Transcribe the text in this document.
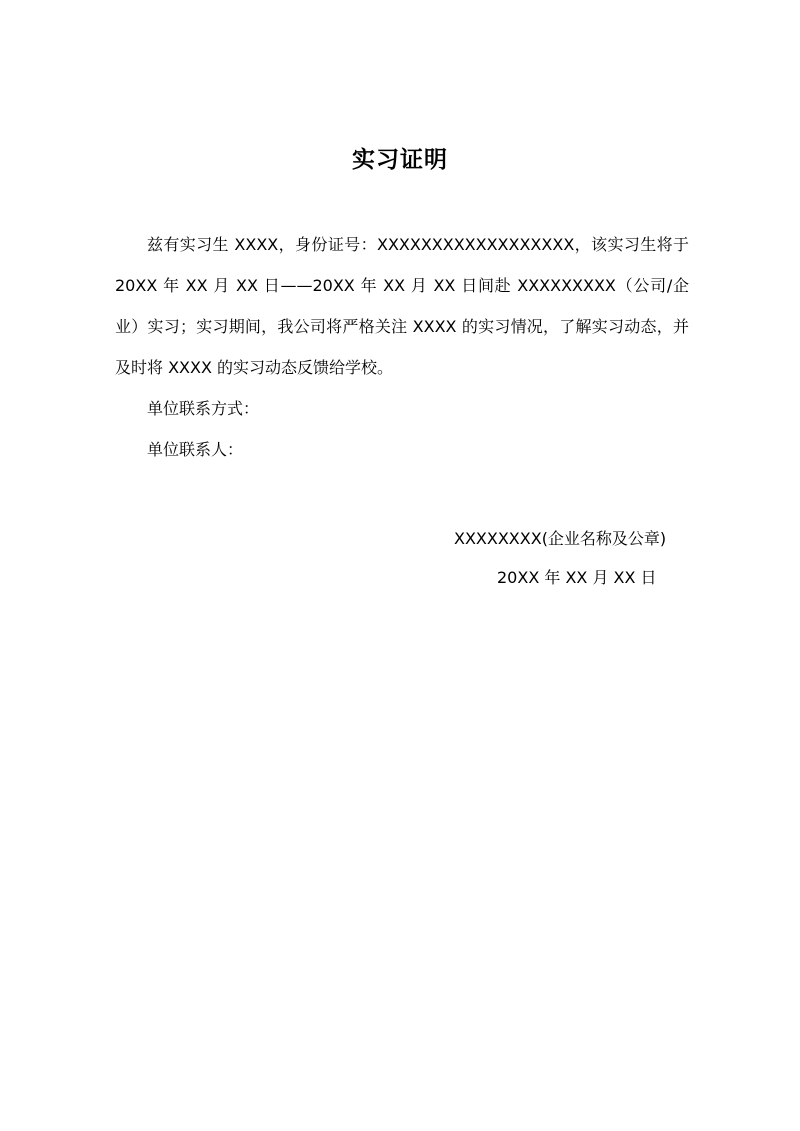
实习证明

兹有实习生 XXXX，身份证号：XXXXXXXXXXXXXXXXXX，该实习生将于 20XX 年 XX 月 XX 日——20XX 年 XX 月 XX 日间赴 XXXXXXXXX（公司/企业）实习；实习期间，我公司将严格关注 XXXX 的实习情况，了解实习动态，并及时将 XXXX 的实习动态反馈给学校。

单位联系方式：

单位联系人：

XXXXXXXX(企业名称及公章)
20XX 年 XX 月 XX 日
